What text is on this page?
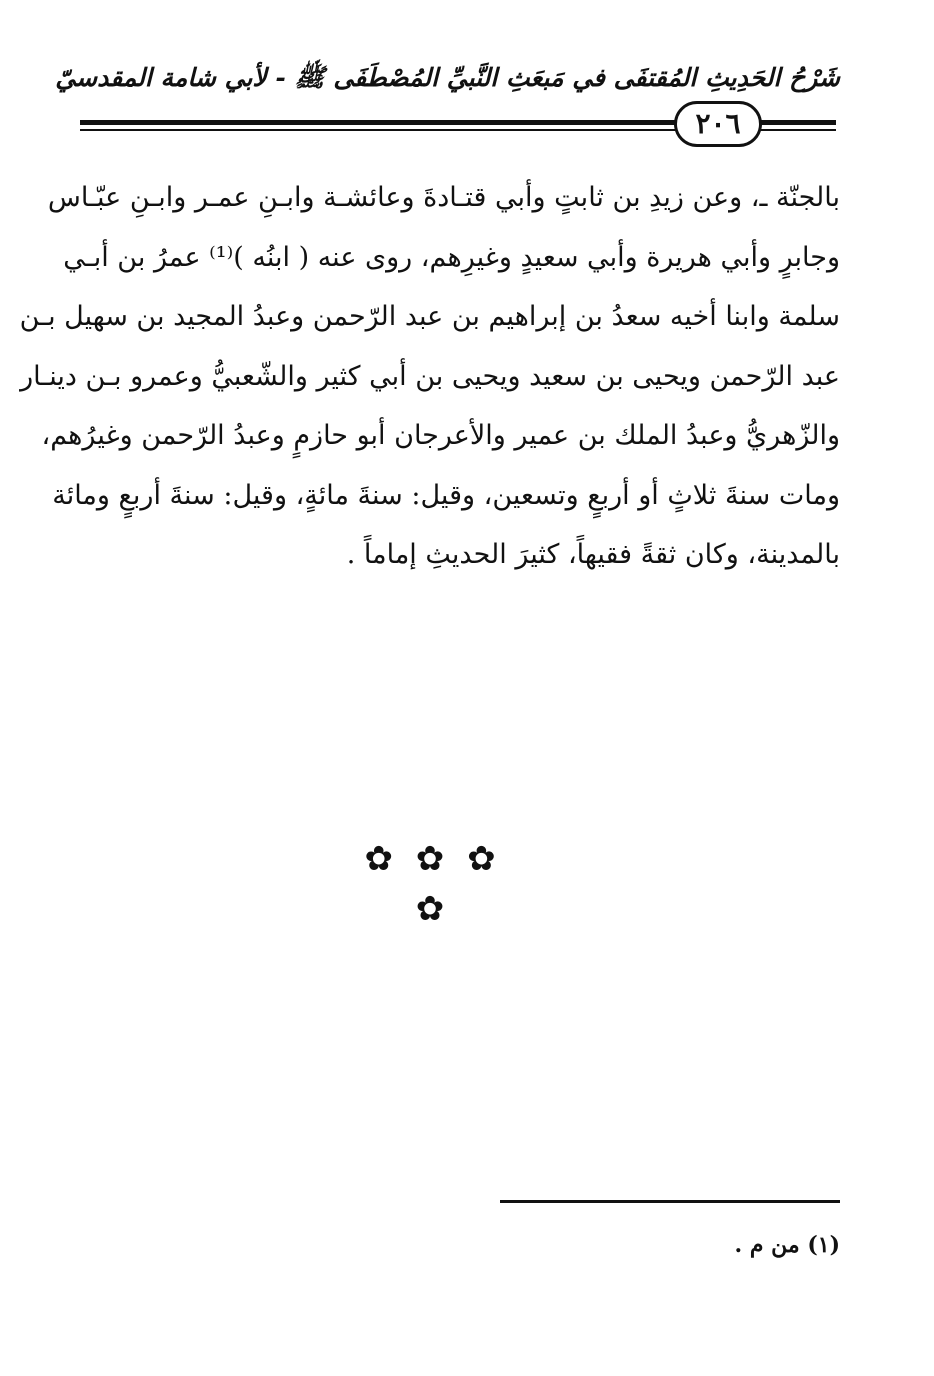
شَرْحُ الحَدِيثِ المُقتفَى في مَبعَثِ النَّبيِّ المُصْطَفَى ﷺ - لأبي شامة المقدسيّ
٢٠٦
بالجنّة ـ، وعن زيدِ بن ثابتٍ وأبي قتـادةَ وعائشـة وابـنِ عمـر وابـنِ عبّـاس
وجابرٍ وأبي هريرة وأبي سعيدٍ وغيرِهم، روى عنه ( ابنُه )⁽¹⁾ عمرُ بن أبـي
سلمة وابنا أخيه سعدُ بن إبراهيم بن عبد الرّحمن وعبدُ المجيد بن سهيل بـن
عبد الرّحمن ويحيى بن سعيد ويحيى بن أبي كثير والشّعبيُّ وعمرو بـن دينـار
والزّهريُّ وعبدُ الملك بن عمير والأعرجان أبو حازمٍ وعبدُ الرّحمن وغيرُهم،
ومات سنةَ ثلاثٍ أو أربعٍ وتسعين، وقيل: سنةَ مائةٍ، وقيل: سنةَ أربعٍ ومائة
بالمدينة، وكان ثقةً فقيهاً، كثيرَ الحديثِ إماماً .
✿ ✿ ✿
✿
(١) من م .
